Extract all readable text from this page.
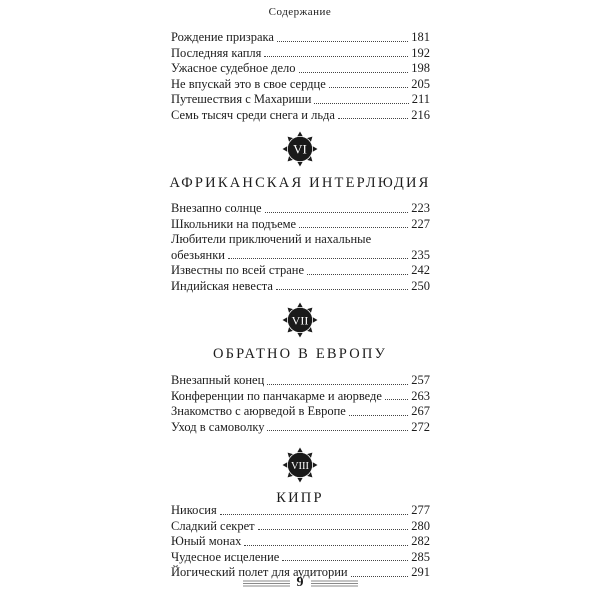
Содержание
Рождение призрака	181
Последняя капля	192
Ужасное судебное дело	198
Не впускай это в свое сердце	205
Путешествия с Махариши	211
Семь тысяч среди снега и льда	216
VI
АФРИКАНСКАЯ ИНТЕРЛЮДИЯ
Внезапно солнце	223
Школьники на подъеме	227
Любители приключений и нахальные
обезьянки	235
Известны по всей стране	242
Индийская невеста	250
VII
ОБРАТНО В ЕВРОПУ
Внезапный конец	257
Конференции по панчакарме и аюрведе 263
Знакомство с аюрведой в Европе	267
Уход в самоволку	272
VIII
КИПР
Никосия	277
Сладкий секрет	280
Юный монах	282
Чудесное исцеление	285
Йогический полет для аудитории	291
9
